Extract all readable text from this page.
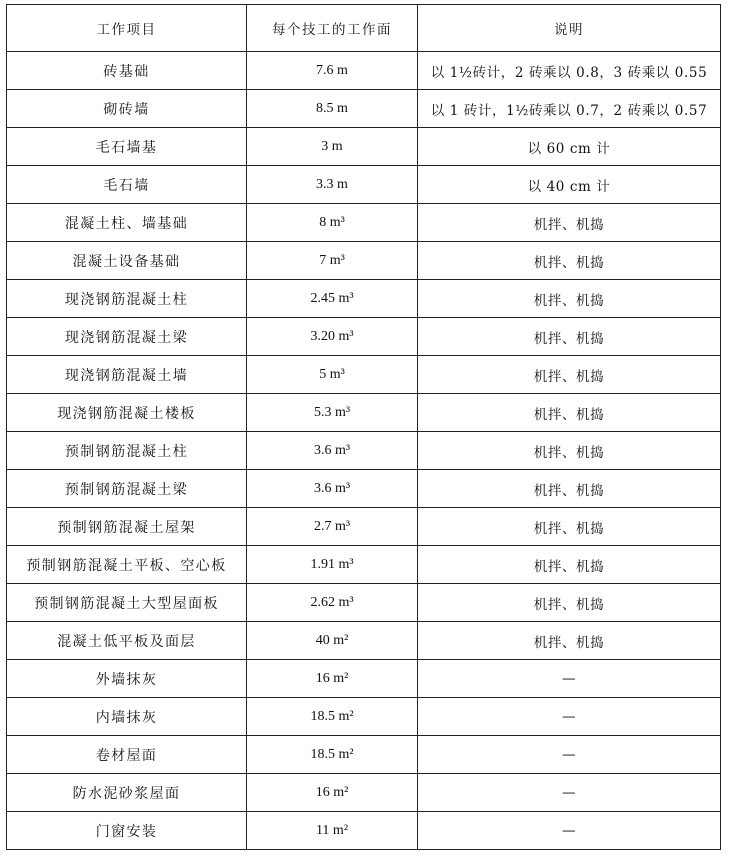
工作项目	每个技工的工作面	说明
砖基础	7.6 m	以 1½砖计，2 砖乘以 0.8，3 砖乘以 0.55
砌砖墙	8.5 m	以 1 砖计，1½砖乘以 0.7，2 砖乘以 0.57
毛石墙基	3 m	以 60 cm 计
毛石墙	3.3 m	以 40 cm 计
混凝土柱、墙基础	8 m³	机拌、机捣
混凝土设备基础	7 m³	机拌、机捣
现浇钢筋混凝土柱	2.45 m³	机拌、机捣
现浇钢筋混凝土梁	3.20 m³	机拌、机捣
现浇钢筋混凝土墙	5 m³	机拌、机捣
现浇钢筋混凝土楼板	5.3 m³	机拌、机捣
预制钢筋混凝土柱	3.6 m³	机拌、机捣
预制钢筋混凝土梁	3.6 m³	机拌、机捣
预制钢筋混凝土屋架	2.7 m³	机拌、机捣
预制钢筋混凝土平板、空心板	1.91 m³	机拌、机捣
预制钢筋混凝土大型屋面板	2.62 m³	机拌、机捣
混凝土低平板及面层	40 m²	机拌、机捣
外墙抹灰	16 m²	—
内墙抹灰	18.5 m²	—
卷材屋面	18.5 m²	—
防水泥砂浆屋面	16 m²	—
门窗安装	11 m²	—
